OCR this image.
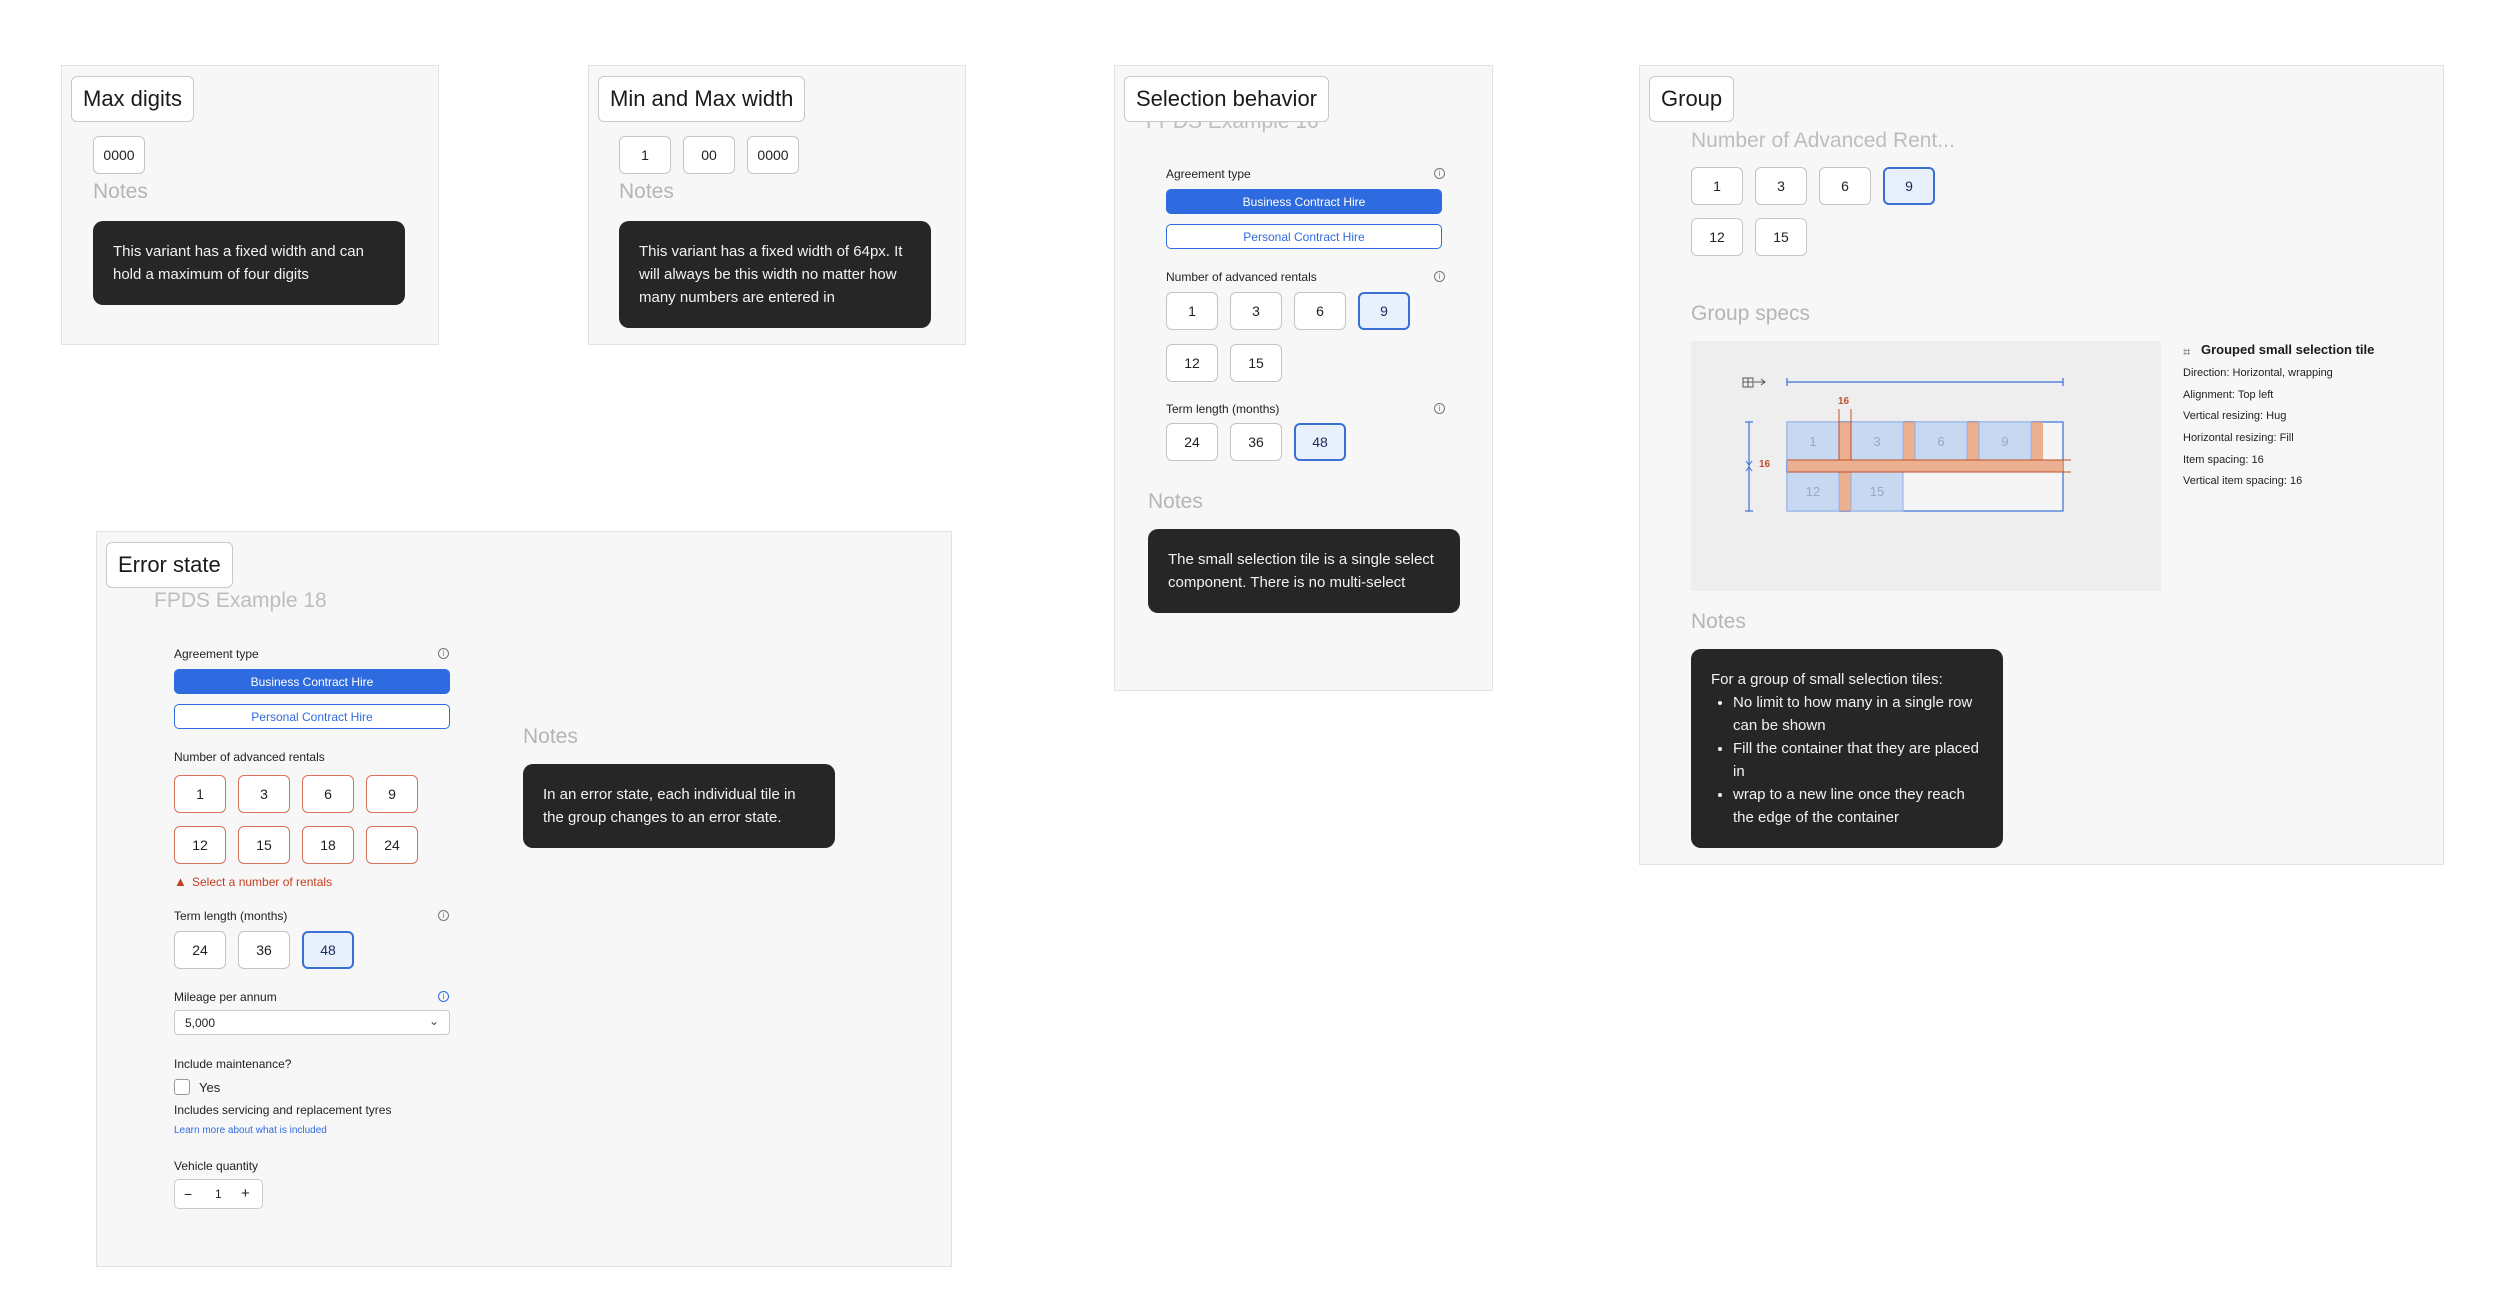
Max digits
0000
Notes
This variant has a fixed width and can hold a maximum of four digits
Min and Max width
1	00	0000
Notes
This variant has a fixed width of 64px. It will always be this width no matter how many numbers are entered in
Selection behavior
Agreement type	i
Business Contract Hire
Personal Contract Hire
Number of advanced rentals	i
1	3	6	9
12	15
Term length (months)	i
24	36	48
Notes
The small selection tile is a single select component. There is no multi-select
Group
Number of Advanced Rent...
1	3	6	9
12	15
Group specs
1	3	6	9
12	15
16
16
⌗ Grouped small selection tile
Direction: Horizontal, wrapping
Alignment: Top left
Vertical resizing: Hug
Horizontal resizing: Fill
Item spacing: 16
Vertical item spacing: 16
Notes
For a group of small selection tiles:
• No limit to how many in a single row can be shown
• Fill the container that they are placed in
• wrap to a new line once they reach the edge of the container
Error state
FPDS Example 18
Agreement type	i
Business Contract Hire
Personal Contract Hire
Number of advanced rentals
1	3	6	9
12	15	18	24
▲ Select a number of rentals
Term length (months)	i
24	36	48
Mileage per annum	i
5,000	⌄
Include maintenance?
Yes
Includes servicing and replacement tyres
Learn more about what is included
Vehicle quantity
− 1 +
Notes
In an error state, each individual tile in the group changes to an error state.
